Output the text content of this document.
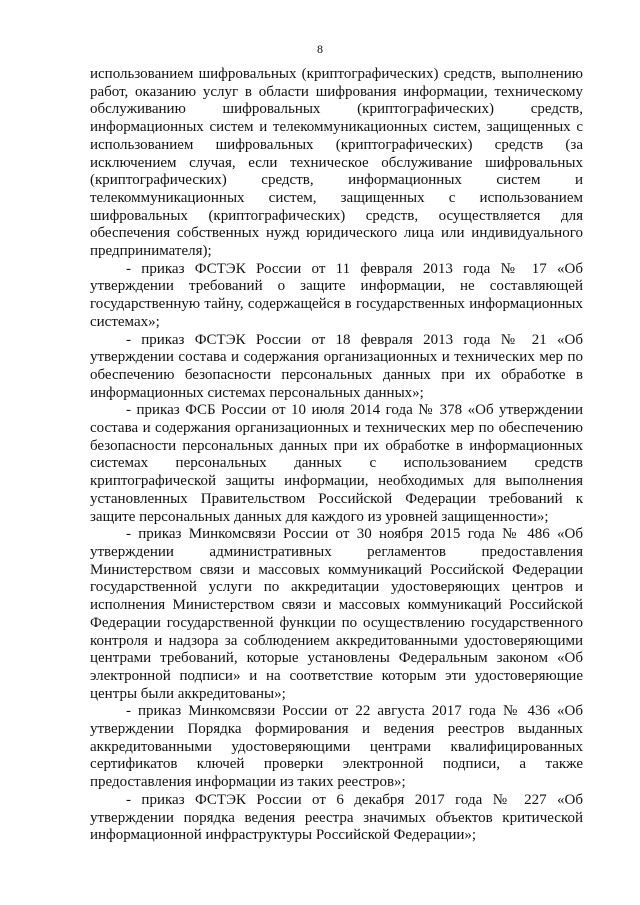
8

использованием шифровальных (криптографических) средств, выполнению работ, оказанию услуг в области шифрования информации, техническому обслуживанию шифровальных (криптографических) средств, информационных систем и телекоммуникационных систем, защищенных с использованием шифровальных (криптографических) средств (за исключением случая, если техническое обслуживание шифровальных (криптографических) средств, информационных систем и телекоммуникационных систем, защищенных с использованием шифровальных (криптографических) средств, осуществляется для обеспечения собственных нужд юридического лица или индивидуального предпринимателя);

- приказ ФСТЭК России от 11 февраля 2013 года № 17 «Об утверждении требований о защите информации, не составляющей государственную тайну, содержащейся в государственных информационных системах»;

- приказ ФСТЭК России от 18 февраля 2013 года № 21 «Об утверждении состава и содержания организационных и технических мер по обеспечению безопасности персональных данных при их обработке в информационных системах персональных данных»;

- приказ ФСБ России от 10 июля 2014 года № 378 «Об утверждении состава и содержания организационных и технических мер по обеспечению безопасности персональных данных при их обработке в информационных системах персональных данных с использованием средств криптографической защиты информации, необходимых для выполнения установленных Правительством Российской Федерации требований к защите персональных данных для каждого из уровней защищенности»;

- приказ Минкомсвязи России от 30 ноября 2015 года № 486 «Об утверждении административных регламентов предоставления Министерством связи и массовых коммуникаций Российской Федерации государственной услуги по аккредитации удостоверяющих центров и исполнения Министерством связи и массовых коммуникаций Российской Федерации государственной функции по осуществлению государственного контроля и надзора за соблюдением аккредитованными удостоверяющими центрами требований, которые установлены Федеральным законом «Об электронной подписи» и на соответствие которым эти удостоверяющие центры были аккредитованы»;

- приказ Минкомсвязи России от 22 августа 2017 года № 436 «Об утверждении Порядка формирования и ведения реестров выданных аккредитованными удостоверяющими центрами квалифицированных сертификатов ключей проверки электронной подписи, а также предоставления информации из таких реестров»;

- приказ ФСТЭК России от 6 декабря 2017 года № 227 «Об утверждении порядка ведения реестра значимых объектов критической информационной инфраструктуры Российской Федерации»;
